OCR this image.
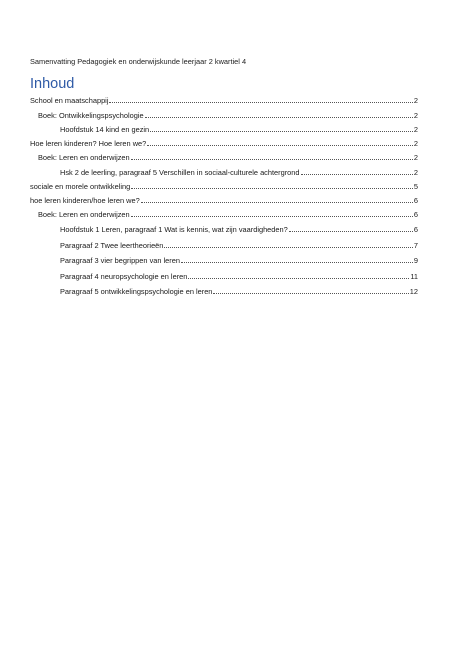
Samenvatting Pedagogiek en onderwijskunde leerjaar 2 kwartiel 4
Inhoud
School en maatschappij	2
Boek: Ontwikkelingspsychologie	2
Hoofdstuk 14 kind en gezin	2
Hoe leren kinderen? Hoe leren we?	2
Boek: Leren en onderwijzen	2
Hsk 2 de leerling, paragraaf 5 Verschillen in sociaal-culturele achtergrond	2
sociale en morele ontwikkeling	5
hoe leren kinderen/hoe leren we?	6
Boek: Leren en onderwijzen	6
Hoofdstuk 1 Leren, paragraaf 1 Wat is kennis, wat zijn vaardigheden?	6
Paragraaf 2 Twee leertheorieën	7
Paragraaf 3 vier begrippen van leren	9
Paragraaf 4 neuropsychologie en leren	11
Paragraaf 5 ontwikkelingspsychologie en leren	12
